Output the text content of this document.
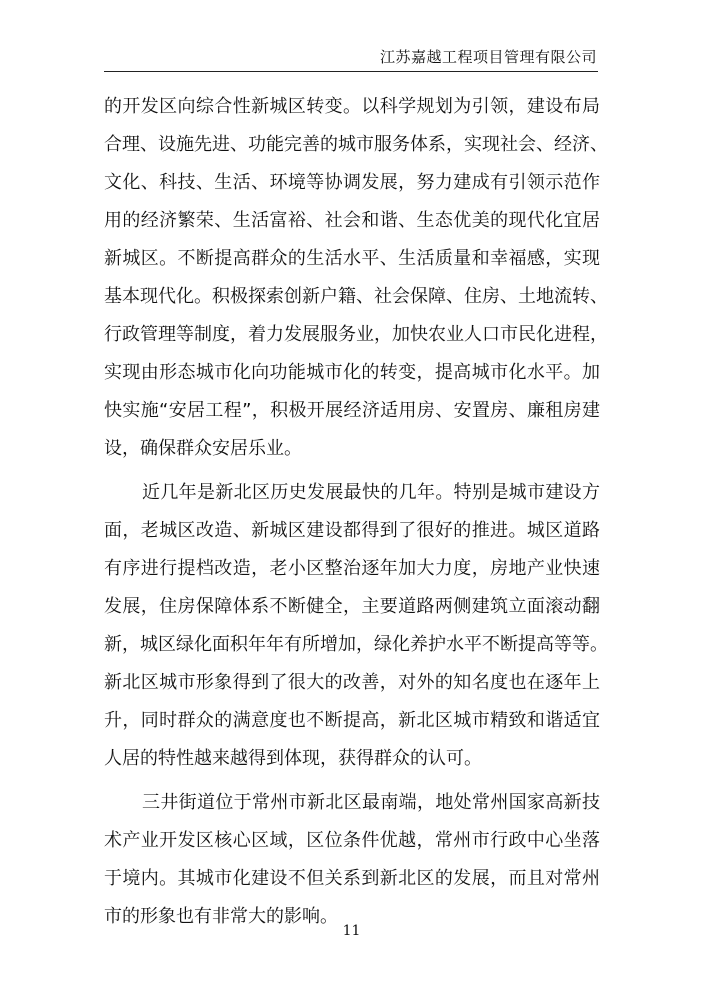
江苏嘉越工程项目管理有限公司
的开发区向综合性新城区转变。以科学规划为引领，建设布局
合理、设施先进、功能完善的城市服务体系，实现社会、经济、
文化、科技、生活、环境等协调发展，努力建成有引领示范作
用的经济繁荣、生活富裕、社会和谐、生态优美的现代化宜居
新城区。不断提高群众的生活水平、生活质量和幸福感，实现
基本现代化。积极探索创新户籍、社会保障、住房、土地流转、
行政管理等制度，着力发展服务业，加快农业人口市民化进程，
实现由形态城市化向功能城市化的转变，提高城市化水平。加
快实施“安居工程”，积极开展经济适用房、安置房、廉租房建
设，确保群众安居乐业。
近几年是新北区历史发展最快的几年。特别是城市建设方
面，老城区改造、新城区建设都得到了很好的推进。城区道路
有序进行提档改造，老小区整治逐年加大力度，房地产业快速
发展，住房保障体系不断健全，主要道路两侧建筑立面滚动翻
新，城区绿化面积年年有所增加，绿化养护水平不断提高等等。
新北区城市形象得到了很大的改善，对外的知名度也在逐年上
升，同时群众的满意度也不断提高，新北区城市精致和谐适宜
人居的特性越来越得到体现，获得群众的认可。
三井街道位于常州市新北区最南端，地处常州国家高新技
术产业开发区核心区域，区位条件优越，常州市行政中心坐落
于境内。其城市化建设不但关系到新北区的发展，而且对常州
市的形象也有非常大的影响。
11
